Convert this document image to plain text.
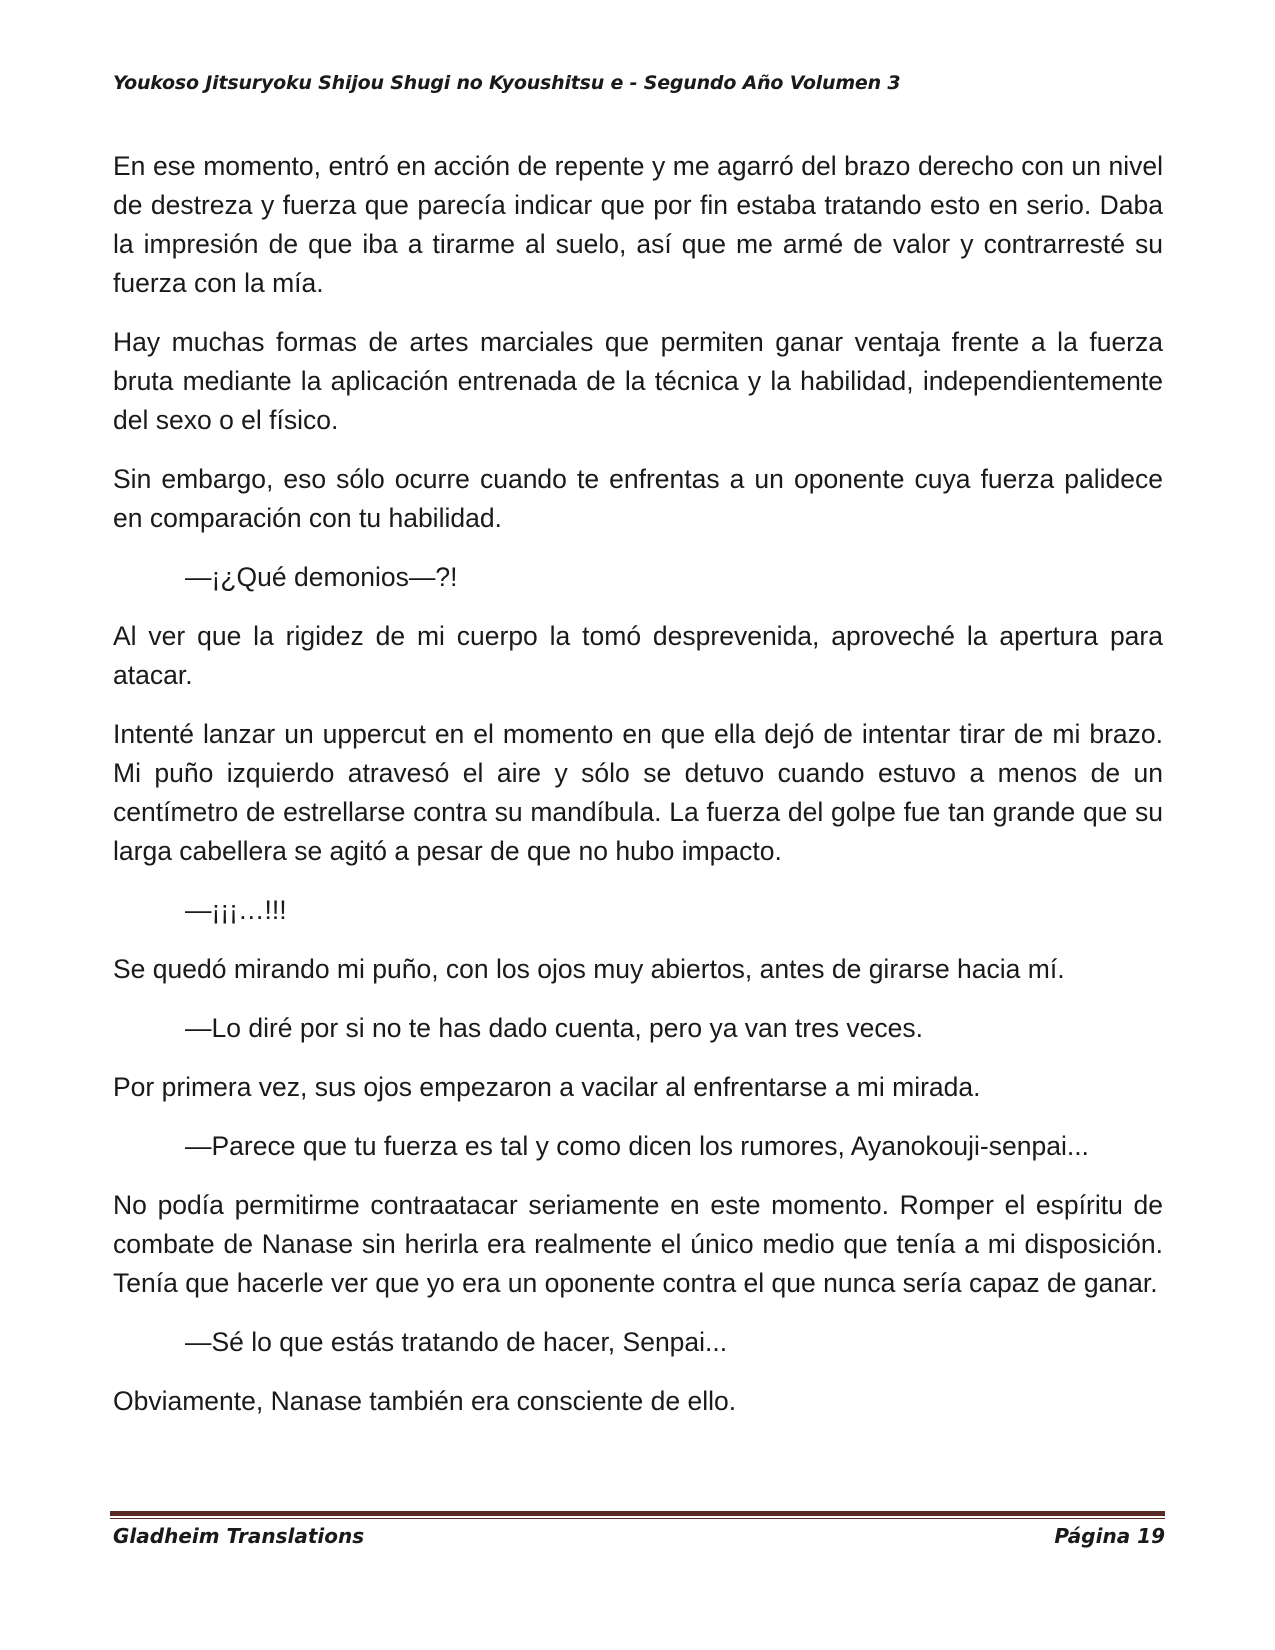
Youkoso Jitsuryoku Shijou Shugi no Kyoushitsu e - Segundo Año Volumen 3

En ese momento, entró en acción de repente y me agarró del brazo derecho con un nivel de destreza y fuerza que parecía indicar que por fin estaba tratando esto en serio. Daba la impresión de que iba a tirarme al suelo, así que me armé de valor y contrarresté su fuerza con la mía.

Hay muchas formas de artes marciales que permiten ganar ventaja frente a la fuerza bruta mediante la aplicación entrenada de la técnica y la habilidad, independientemente del sexo o el físico.

Sin embargo, eso sólo ocurre cuando te enfrentas a un oponente cuya fuerza palidece en comparación con tu habilidad.

—¡¿Qué demonios—?!

Al ver que la rigidez de mi cuerpo la tomó desprevenida, aproveché la apertura para atacar.

Intenté lanzar un uppercut en el momento en que ella dejó de intentar tirar de mi brazo. Mi puño izquierdo atravesó el aire y sólo se detuvo cuando estuvo a menos de un centímetro de estrellarse contra su mandíbula. La fuerza del golpe fue tan grande que su larga cabellera se agitó a pesar de que no hubo impacto.

—¡¡¡…!!!

Se quedó mirando mi puño, con los ojos muy abiertos, antes de girarse hacia mí.

—Lo diré por si no te has dado cuenta, pero ya van tres veces.

Por primera vez, sus ojos empezaron a vacilar al enfrentarse a mi mirada.

—Parece que tu fuerza es tal y como dicen los rumores, Ayanokouji-senpai...

No podía permitirme contraatacar seriamente en este momento. Romper el espíritu de combate de Nanase sin herirla era realmente el único medio que tenía a mi disposición. Tenía que hacerle ver que yo era un oponente contra el que nunca sería capaz de ganar.

—Sé lo que estás tratando de hacer, Senpai...

Obviamente, Nanase también era consciente de ello.

Gladheim Translations	Página 19
